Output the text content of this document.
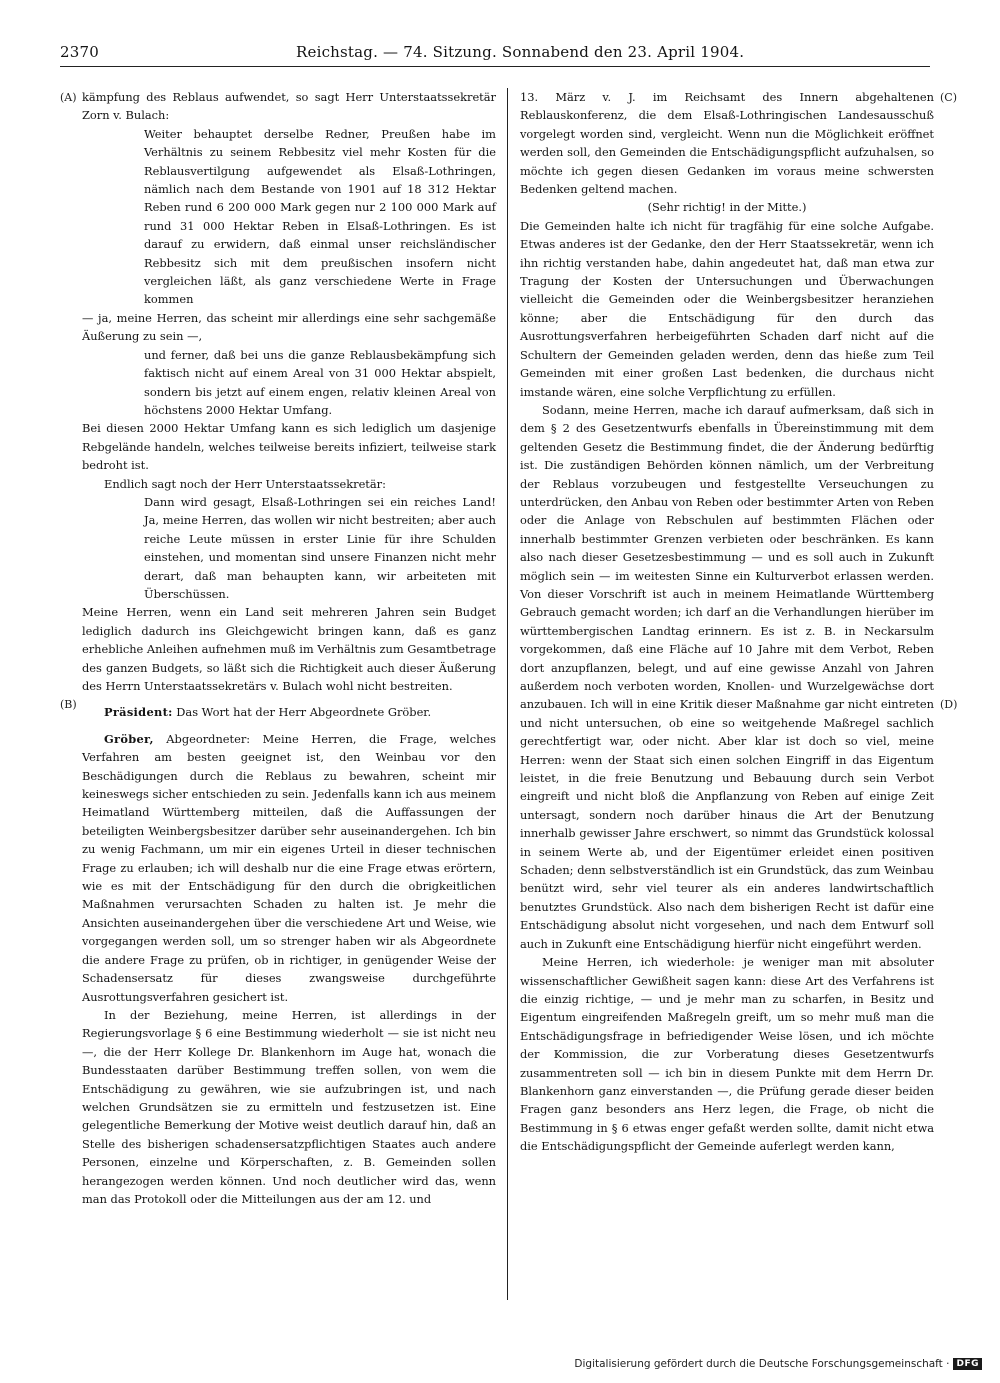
2370	Reichstag. — 74. Sitzung. Sonnabend den 23. April 1904.
(A)
(B)
(C)
(D)

kämpfung des Reblaus aufwendet, so sagt Herr Unterstaatssekretär Zorn v. Bulach:

Weiter behauptet derselbe Redner, Preußen habe im Verhältnis zu seinem Rebbesitz viel mehr Kosten für die Reblausvertilgung aufgewendet als Elsaß-Lothringen, nämlich nach dem Bestande von 1901 auf 18 312 Hektar Reben rund 6 200 000 Mark gegen nur 2 100 000 Mark auf rund 31 000 Hektar Reben in Elsaß-Lothringen. Es ist darauf zu erwidern, daß einmal unser reichsländischer Rebbesitz sich mit dem preußischen insofern nicht vergleichen läßt, als ganz verschiedene Werte in Frage kommen

— ja, meine Herren, das scheint mir allerdings eine sehr sachgemäße Äußerung zu sein —,

und ferner, daß bei uns die ganze Reblausbekämpfung sich faktisch nicht auf einem Areal von 31 000 Hektar abspielt, sondern bis jetzt auf einem engen, relativ kleinen Areal von höchstens 2000 Hektar Umfang.

Bei diesen 2000 Hektar Umfang kann es sich lediglich um dasjenige Rebgelände handeln, welches teilweise bereits infiziert, teilweise stark bedroht ist.

Endlich sagt noch der Herr Unterstaatssekretär:

Dann wird gesagt, Elsaß-Lothringen sei ein reiches Land! Ja, meine Herren, das wollen wir nicht bestreiten; aber auch reiche Leute müssen in erster Linie für ihre Schulden einstehen, und momentan sind unsere Finanzen nicht mehr derart, daß man behaupten kann, wir arbeiteten mit Überschüssen.

Meine Herren, wenn ein Land seit mehreren Jahren sein Budget lediglich dadurch ins Gleichgewicht bringen kann, daß es ganz erhebliche Anleihen aufnehmen muß im Verhältnis zum Gesamtbetrage des ganzen Budgets, so läßt sich die Richtigkeit auch dieser Äußerung des Herrn Unterstaatssekretärs v. Bulach wohl nicht bestreiten.

Präsident: Das Wort hat der Herr Abgeordnete Gröber.

Gröber, Abgeordneter: Meine Herren, die Frage, welches Verfahren am besten geeignet ist, den Weinbau vor den Beschädigungen durch die Reblaus zu bewahren, scheint mir keineswegs sicher entschieden zu sein. Jedenfalls kann ich aus meinem Heimatland Württemberg mitteilen, daß die Auffassungen der beteiligten Weinbergsbesitzer darüber sehr auseinandergehen. Ich bin zu wenig Fachmann, um mir ein eigenes Urteil in dieser technischen Frage zu erlauben; ich will deshalb nur die eine Frage etwas erörtern, wie es mit der Entschädigung für den durch die obrigkeitlichen Maßnahmen verursachten Schaden zu halten ist. Je mehr die Ansichten auseinandergehen über die verschiedene Art und Weise, wie vorgegangen werden soll, um so strenger haben wir als Abgeordnete die andere Frage zu prüfen, ob in richtiger, in genügender Weise der Schadensersatz für dieses zwangsweise durchgeführte Ausrottungsverfahren gesichert ist.

In der Beziehung, meine Herren, ist allerdings in der Regierungsvorlage § 6 eine Bestimmung wiederholt — sie ist nicht neu —, die der Herr Kollege Dr. Blankenhorn im Auge hat, wonach die Bundesstaaten darüber Bestimmung treffen sollen, von wem die Entschädigung zu gewähren, wie sie aufzubringen ist, und nach welchen Grundsätzen sie zu ermitteln und festzusetzen ist. Eine gelegentliche Bemerkung der Motive weist deutlich darauf hin, daß an Stelle des bisherigen schadensersatzpflichtigen Staates auch andere Personen, einzelne und Körperschaften, z. B. Gemeinden sollen herangezogen werden können. Und noch deutlicher wird das, wenn man das Protokoll oder die Mitteilungen aus der am 12. und

13. März v. J. im Reichsamt des Innern abgehaltenen Reblauskonferenz, die dem Elsaß-Lothringischen Landesausschuß vorgelegt worden sind, vergleicht. Wenn nun die Möglichkeit eröffnet werden soll, den Gemeinden die Entschädigungspflicht aufzuhalsen, so möchte ich gegen diesen Gedanken im voraus meine schwersten Bedenken geltend machen.

(Sehr richtig! in der Mitte.)

Die Gemeinden halte ich nicht für tragfähig für eine solche Aufgabe. Etwas anderes ist der Gedanke, den der Herr Staatssekretär, wenn ich ihn richtig verstanden habe, dahin angedeutet hat, daß man etwa zur Tragung der Kosten der Untersuchungen und Überwachungen vielleicht die Gemeinden oder die Weinbergsbesitzer heranziehen könne; aber die Entschädigung für den durch das Ausrottungsverfahren herbeigeführten Schaden darf nicht auf die Schultern der Gemeinden geladen werden, denn das hieße zum Teil Gemeinden mit einer großen Last bedenken, die durchaus nicht imstande wären, eine solche Verpflichtung zu erfüllen.

Sodann, meine Herren, mache ich darauf aufmerksam, daß sich in dem § 2 des Gesetzentwurfs ebenfalls in Übereinstimmung mit dem geltenden Gesetz die Bestimmung findet, die der Änderung bedürftig ist. Die zuständigen Behörden können nämlich, um der Verbreitung der Reblaus vorzubeugen und festgestellte Verseuchungen zu unterdrücken, den Anbau von Reben oder bestimmter Arten von Reben oder die Anlage von Rebschulen auf bestimmten Flächen oder innerhalb bestimmter Grenzen verbieten oder beschränken. Es kann also nach dieser Gesetzesbestimmung — und es soll auch in Zukunft möglich sein — im weitesten Sinne ein Kulturverbot erlassen werden. Von dieser Vorschrift ist auch in meinem Heimatlande Württemberg Gebrauch gemacht worden; ich darf an die Verhandlungen hierüber im württembergischen Landtag erinnern. Es ist z. B. in Neckarsulm vorgekommen, daß eine Fläche auf 10 Jahre mit dem Verbot, Reben dort anzupflanzen, belegt, und auf eine gewisse Anzahl von Jahren außerdem noch verboten worden, Knollen- und Wurzelgewächse dort anzubauen. Ich will in eine Kritik dieser Maßnahme gar nicht eintreten und nicht untersuchen, ob eine so weitgehende Maßregel sachlich gerechtfertigt war, oder nicht. Aber klar ist doch so viel, meine Herren: wenn der Staat sich einen solchen Eingriff in das Eigentum leistet, in die freie Benutzung und Bebauung durch sein Verbot eingreift und nicht bloß die Anpflanzung von Reben auf einige Zeit untersagt, sondern noch darüber hinaus die Art der Benutzung innerhalb gewisser Jahre erschwert, so nimmt das Grundstück kolossal in seinem Werte ab, und der Eigentümer erleidet einen positiven Schaden; denn selbstverständlich ist ein Grundstück, das zum Weinbau benützt wird, sehr viel teurer als ein anderes landwirtschaftlich benutztes Grundstück. Also nach dem bisherigen Recht ist dafür eine Entschädigung absolut nicht vorgesehen, und nach dem Entwurf soll auch in Zukunft eine Entschädigung hierfür nicht eingeführt werden.

Meine Herren, ich wiederhole: je weniger man mit absoluter wissenschaftlicher Gewißheit sagen kann: diese Art des Verfahrens ist die einzig richtige, — und je mehr man zu scharfen, in Besitz und Eigentum eingreifenden Maßregeln greift, um so mehr muß man die Entschädigungsfrage in befriedigender Weise lösen, und ich möchte der Kommission, die zur Vorberatung dieses Gesetzentwurfs zusammentreten soll — ich bin in diesem Punkte mit dem Herrn Dr. Blankenhorn ganz einverstanden —, die Prüfung gerade dieser beiden Fragen ganz besonders ans Herz legen, die Frage, ob nicht die Bestimmung in § 6 etwas enger gefaßt werden sollte, damit nicht etwa die Entschädigungspflicht der Gemeinde auferlegt werden kann,

Digitalisierung gefördert durch die Deutsche Forschungsgemeinschaft · DFG
